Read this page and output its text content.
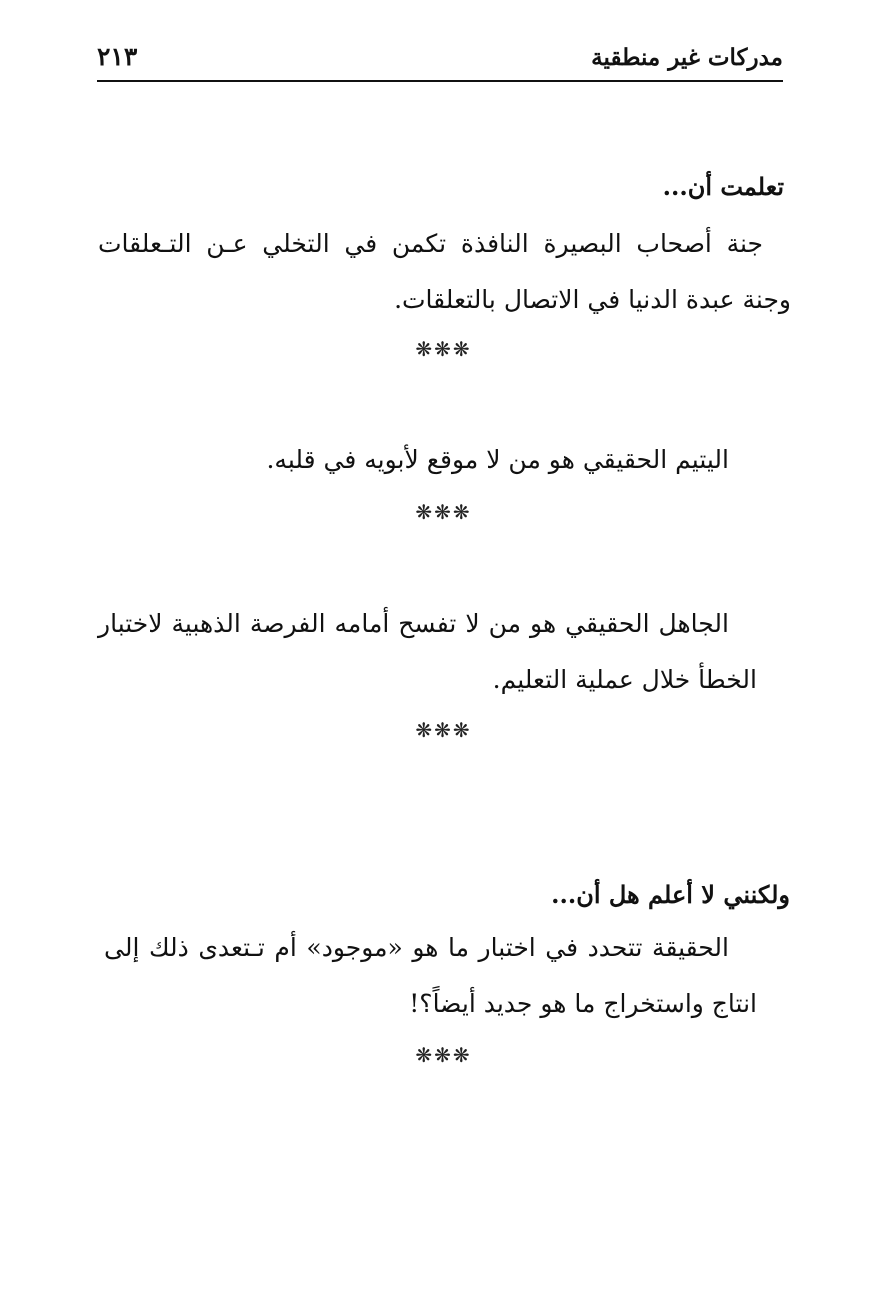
مدركات غير منطقية
٢١٣
تعلمت أن...
جنة أصحاب البصيرة النافذة تكمن في التخلي عـن التـعلقات وجنة عبدة الدنيا في الاتصال بالتعلقات.
❋❋❋
اليتيم الحقيقي هو من لا موقع لأبويه في قلبه.
❋❋❋
الجاهل الحقيقي هو من لا تفسح أمامه الفرصة الذهبية لاختبار الخطأ خلال عملية التعليم.
❋❋❋
ولكنني لا أعلم هل أن...
الحقيقة تتحدد في اختبار ما هو «موجود» أم تـتعدى ذلك إلى انتاج واستخراج ما هو جديد أيضاً؟!
❋❋❋
